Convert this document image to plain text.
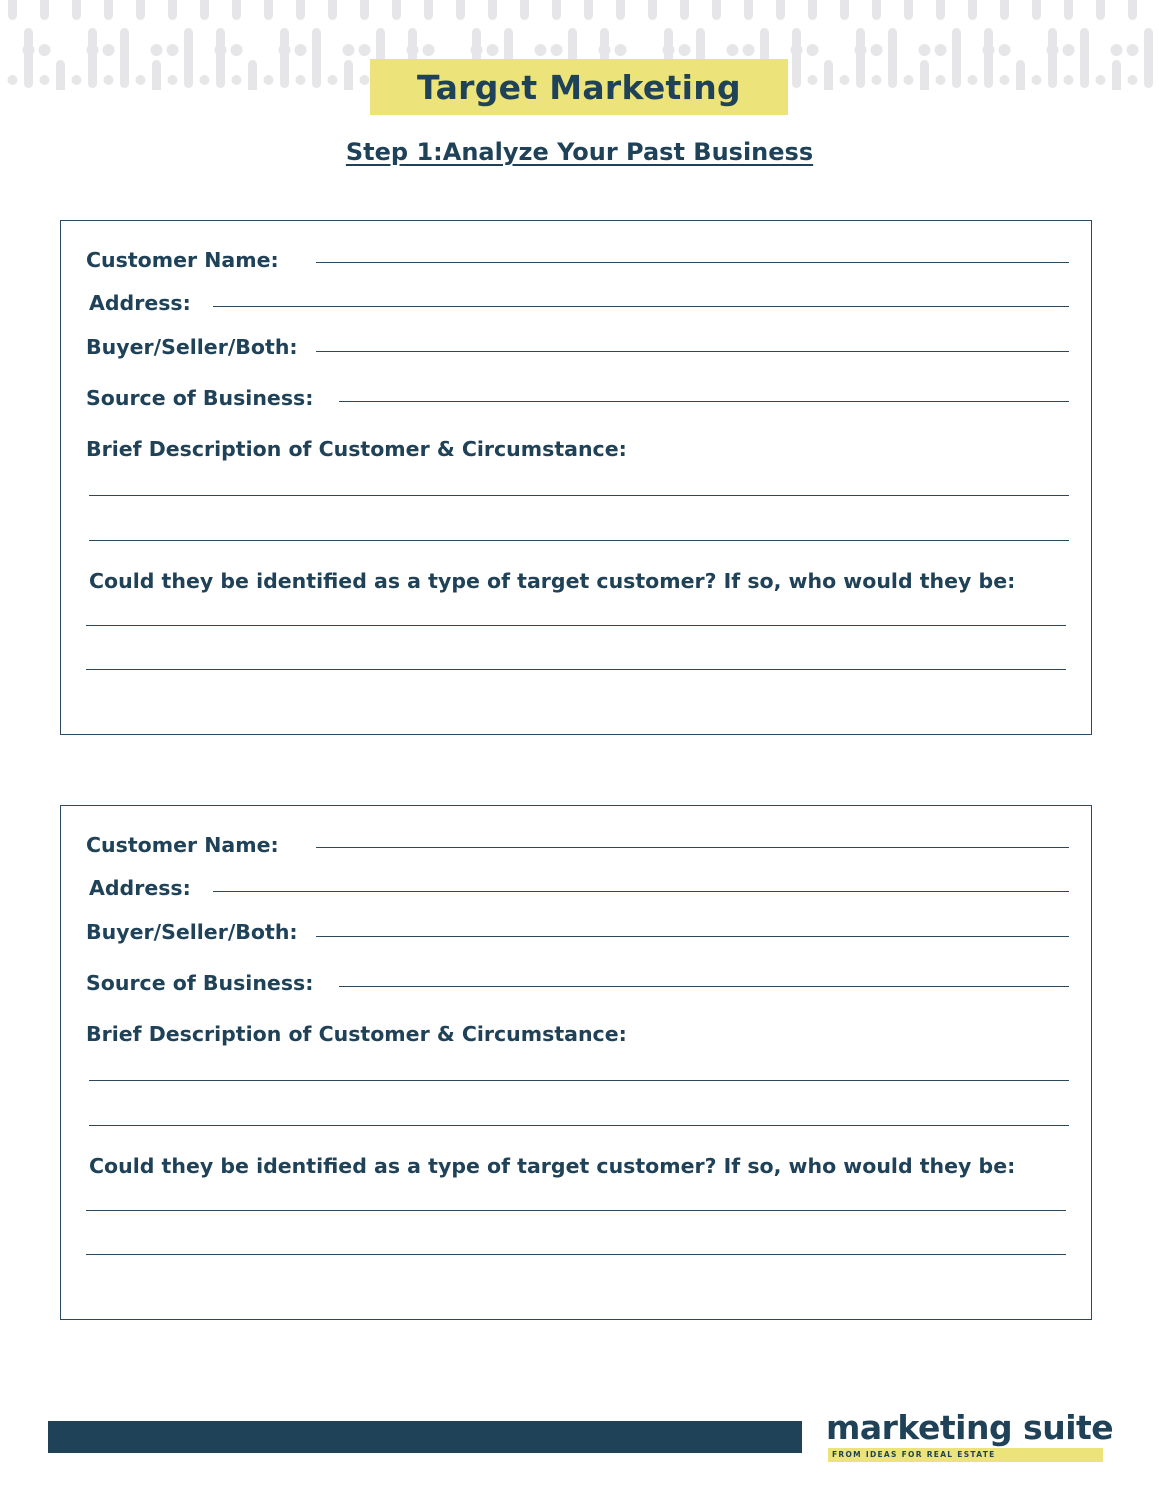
Target Marketing
Step 1:Analyze Your Past Business
Customer Name:
Address:
Buyer/Seller/Both:
Source of Business:
Brief Description of Customer & Circumstance:
Could they be identified as a type of target customer? If so, who would they be:
Customer Name:
Address:
Buyer/Seller/Both:
Source of Business:
Brief Description of Customer & Circumstance:
Could they be identified as a type of target customer? If so, who would they be:
FROM IDEAS FOR REAL ESTATE
marketing suite
